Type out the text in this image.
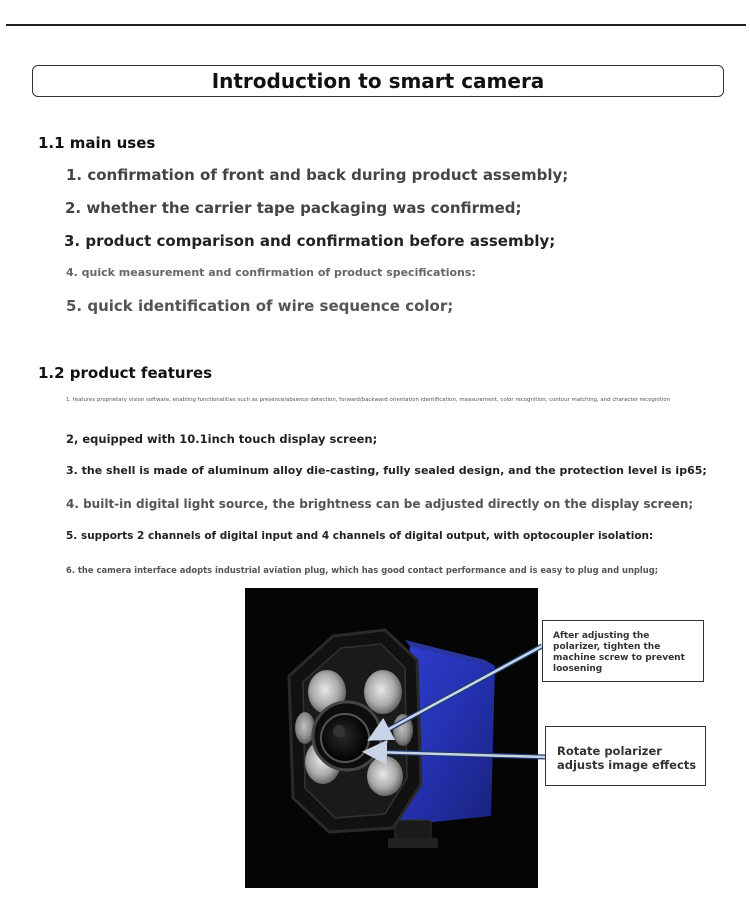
Introduction to smart camera
1.1 main uses
1. confirmation of front and back during product assembly;
2. whether the carrier tape packaging was confirmed;
3. product comparison and confirmation before assembly;
4. quick measurement and confirmation of product specifications:
5. quick identification of wire sequence color;
1.2 product features
1. features proprietary vision software, enabling functionalities such as presence/absence detection, forward/backward orientation identification, measurement, color recognition, contour matching, and character recognition
2, equipped with 10.1inch touch display screen;
3. the shell is made of aluminum alloy die-casting, fully sealed design, and the protection level is ip65;
4. built-in digital light source, the brightness can be adjusted directly on the display screen;
5. supports 2 channels of digital input and 4 channels of digital output, with optocoupler isolation:
6. the camera interface adopts industrial aviation plug, which has good contact performance and is easy to plug and unplug;
After adjusting the polarizer, tighten the machine screw to prevent loosening
Rotate polarizer adjusts image effects
